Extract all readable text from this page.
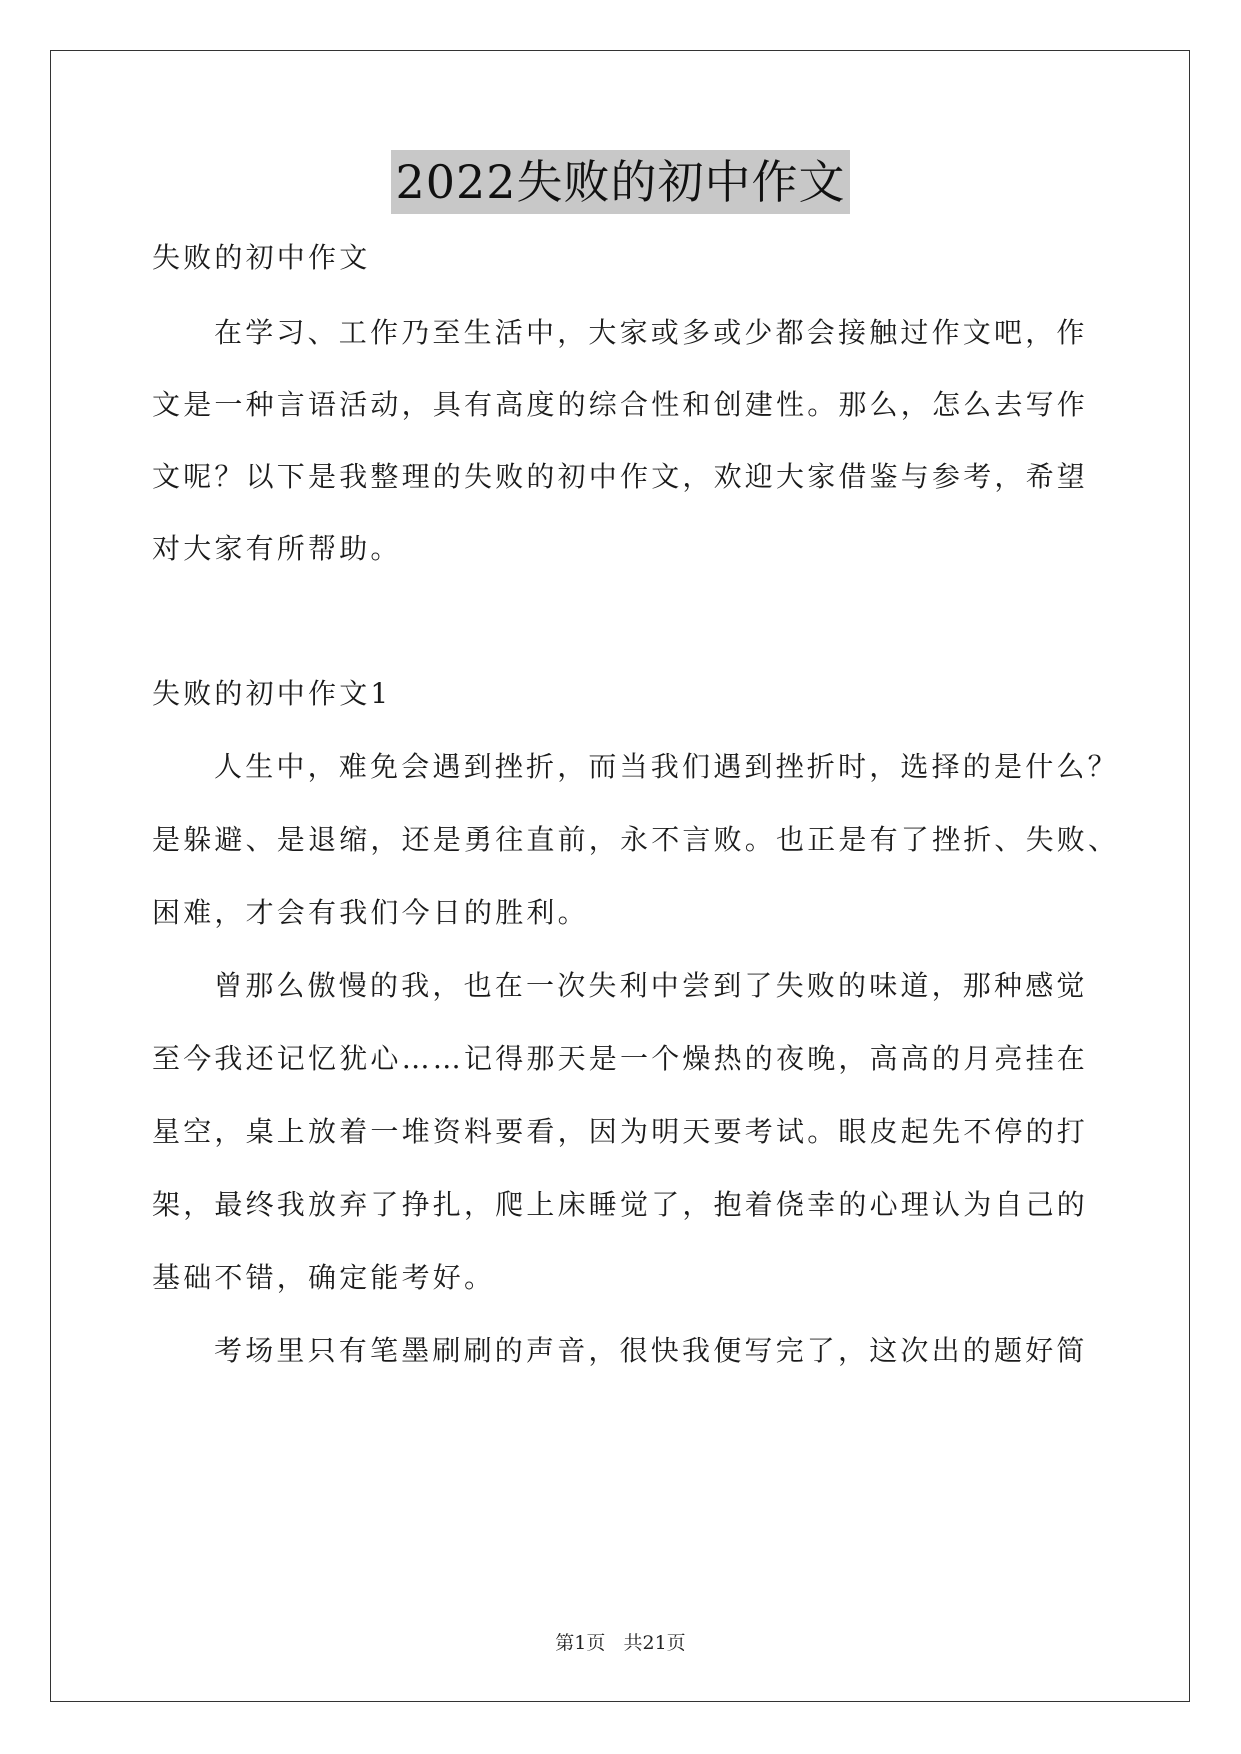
2022失败的初中作文
失败的初中作文
在学习、工作乃至生活中，大家或多或少都会接触过作文吧，作
文是一种言语活动，具有高度的综合性和创建性。那么，怎么去写作
文呢？以下是我整理的失败的初中作文，欢迎大家借鉴与参考，希望
对大家有所帮助。
失败的初中作文1
人生中，难免会遇到挫折，而当我们遇到挫折时，选择的是什么？
是躲避、是退缩，还是勇往直前，永不言败。也正是有了挫折、失败、
困难，才会有我们今日的胜利。
曾那么傲慢的我，也在一次失利中尝到了失败的味道，那种感觉
至今我还记忆犹心……记得那天是一个燥热的夜晚，高高的月亮挂在
星空，桌上放着一堆资料要看，因为明天要考试。眼皮起先不停的打
架，最终我放弃了挣扎，爬上床睡觉了，抱着侥幸的心理认为自己的
基础不错，确定能考好。
考场里只有笔墨刷刷的声音，很快我便写完了，这次出的题好简
第1页   共21页
